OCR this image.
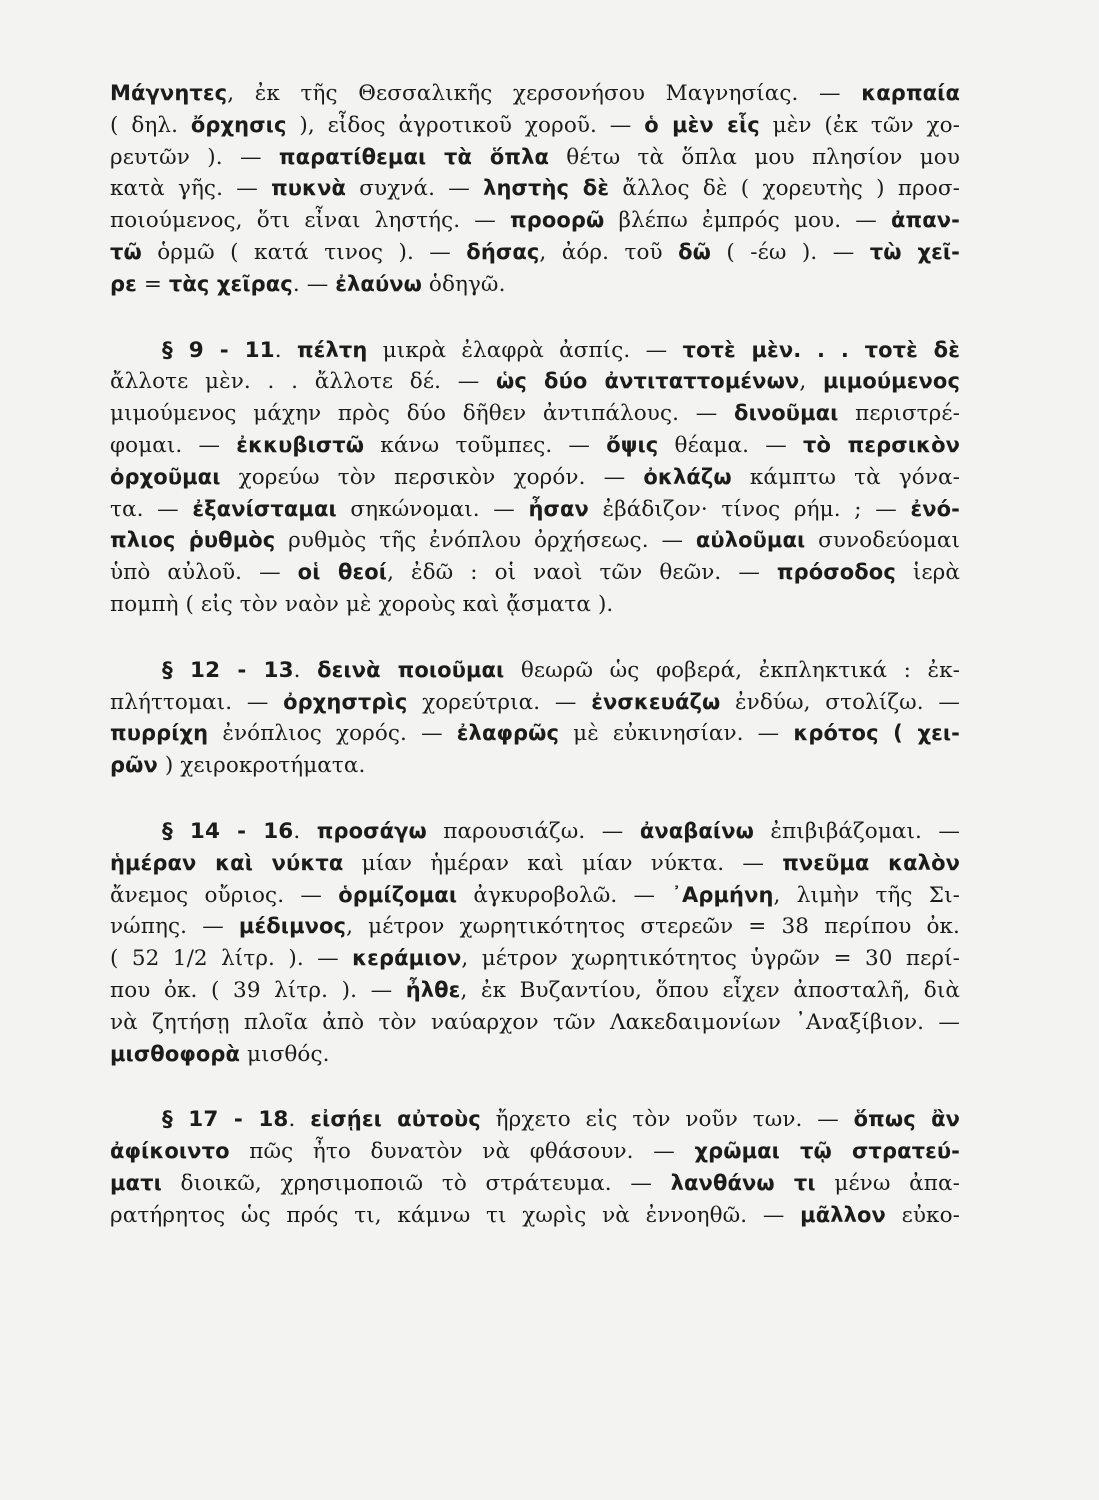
Μάγνητες, ἐκ τῆς Θεσσαλικῆς χερσονήσου Μαγνησίας. — καρπαία
( δηλ. ὄρχησις ), εἶδος ἀγροτικοῦ χοροῦ. — ὁ μὲν εἷς μὲν (ἐκ τῶν χο-
ρευτῶν ). — παρατίθεμαι τὰ ὅπλα θέτω τὰ ὅπλα μου πλησίον μου
κατὰ γῆς. — πυκνὰ συχνά. — ληστὴς δὲ ἄλλος δὲ ( χορευτὴς ) προσ-
ποιούμενος, ὅτι εἶναι ληστής. — προορῶ βλέπω ἐμπρός μου. — ἀπαν-
τῶ ὁρμῶ ( κατά τινος ). — δήσας, ἀόρ. τοῦ δῶ ( -έω ). — τὼ χεῖ-
ρε = τὰς χεῖρας. — ἐλαύνω ὁδηγῶ.
§ 9 - 11. πέλτη μικρὰ ἐλαφρὰ ἀσπίς. — τοτὲ μὲν. . . τοτὲ δὲ
ἄλλοτε μὲν. . . ἄλλοτε δέ. — ὡς δύο ἀντιταττομένων, μιμούμενος
μιμούμενος μάχην πρὸς δύο δῆθεν ἀντιπάλους. — δινοῦμαι περιστρέ-
φομαι. — ἐκκυβιστῶ κάνω τοῦμπες. — ὄψις θέαμα. — τὸ περσικὸν
ὀρχοῦμαι χορεύω τὸν περσικὸν χορόν. — ὀκλάζω κάμπτω τὰ γόνα-
τα. — ἐξανίσταμαι σηκώνομαι. — ἦσαν ἐβάδιζον· τίνος ρήμ. ; — ἐνό-
πλιος ῥυθμὸς ρυθμὸς τῆς ἐνόπλου ὀρχήσεως. — αὐλοῦμαι συνοδεύομαι
ὑπὸ αὐλοῦ. — οἱ θεοί, ἐδῶ : οἱ ναοὶ τῶν θεῶν. — πρόσοδος ἱερὰ
πομπὴ ( εἰς τὸν ναὸν μὲ χοροὺς καὶ ᾄσματα ).
§ 12 - 13. δεινὰ ποιοῦμαι θεωρῶ ὡς φοβερά, ἐκπληκτικά : ἐκ-
πλήττομαι. — ὀρχηστρὶς χορεύτρια. — ἐνσκευάζω ἐνδύω, στολίζω. —
πυρρίχη ἐνόπλιος χορός. — ἐλαφρῶς μὲ εὐκινησίαν. — κρότος ( χει-
ρῶν ) χειροκροτήματα.
§ 14 - 16. προσάγω παρουσιάζω. — ἀναβαίνω ἐπιβιβάζομαι. —
ἡμέραν καὶ νύκτα μίαν ἡμέραν καὶ μίαν νύκτα. — πνεῦμα καλὸν
ἄνεμος οὔριος. — ὁρμίζομαι ἀγκυροβολῶ. — ᾿Αρμήνη, λιμὴν τῆς Σι-
νώπης. — μέδιμνος, μέτρον χωρητικότητος στερεῶν = 38 περίπου ὀκ.
( 52 1/2 λίτρ. ). — κεράμιον, μέτρον χωρητικότητος ὑγρῶν = 30 περί-
που ὀκ. ( 39 λίτρ. ). — ἦλθε, ἐκ Βυζαντίου, ὅπου εἶχεν ἀποσταλῆ, διὰ
νὰ ζητήσῃ πλοῖα ἀπὸ τὸν ναύαρχον τῶν Λακεδαιμονίων ᾿Αναξίβιον. —
μισθοφορὰ μισθός.
§ 17 - 18. εἰσῄει αὐτοὺς ἤρχετο εἰς τὸν νοῦν των. — ὅπως ἂν
ἀφίκοιντο πῶς ἦτο δυνατὸν νὰ φθάσουν. — χρῶμαι τῷ στρατεύ-
ματι διοικῶ, χρησιμοποιῶ τὸ στράτευμα. — λανθάνω τι μένω ἀπα-
ρατήρητος ὡς πρός τι, κάμνω τι χωρὶς νὰ ἐννοηθῶ. — μᾶλλον εὐκο-
